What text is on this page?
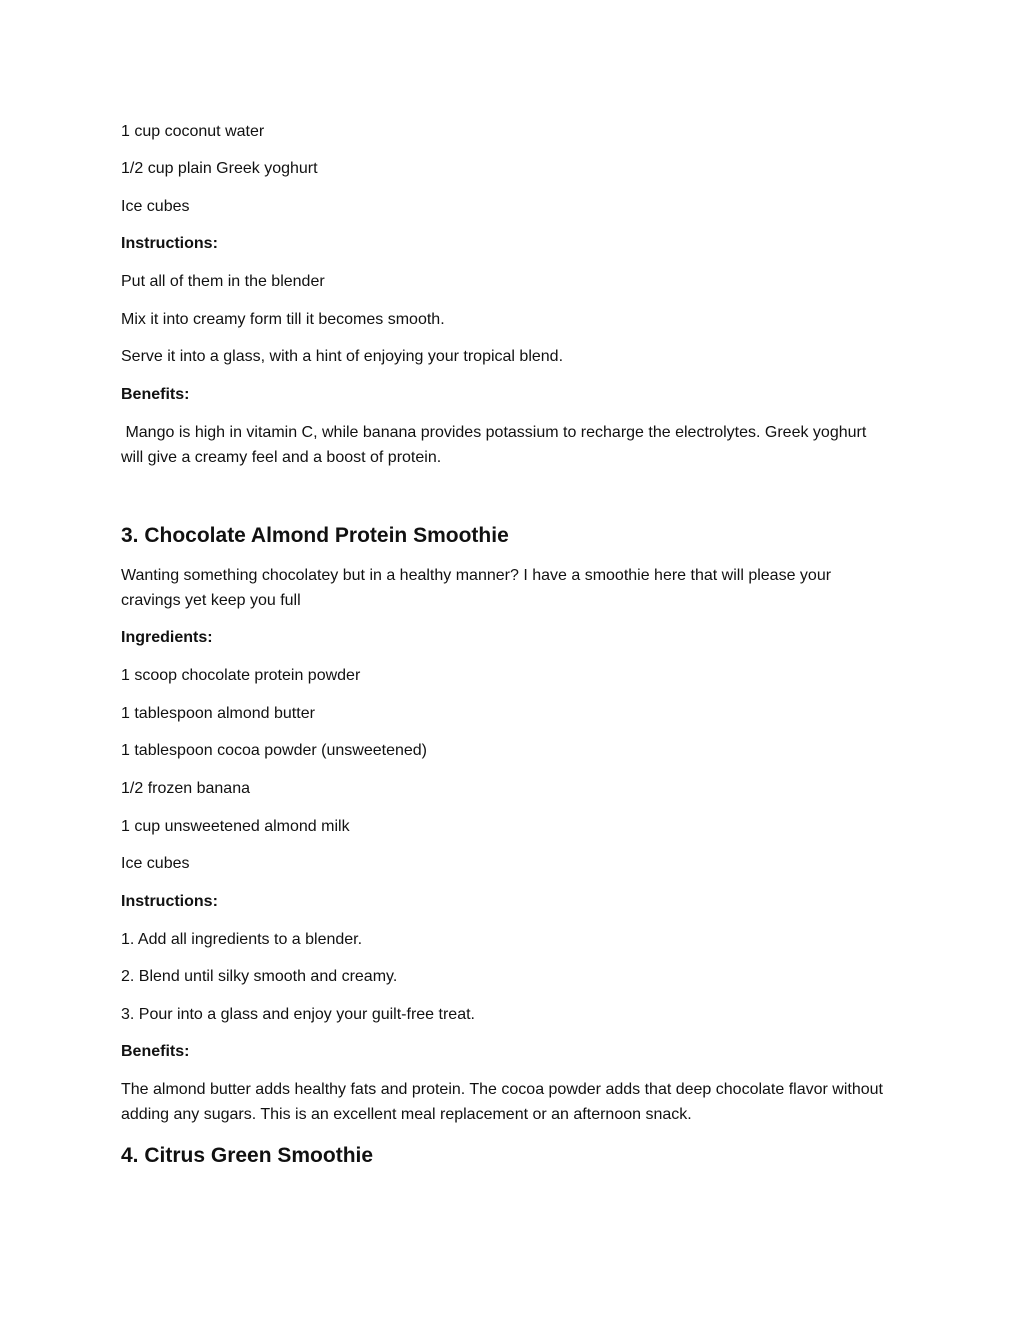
1 cup coconut water
1/2 cup plain Greek yoghurt
Ice cubes
Instructions:
Put all of them in the blender
Mix it into creamy form till it becomes smooth.
Serve it into a glass, with a hint of enjoying your tropical blend.
Benefits:
Mango is high in vitamin C, while banana provides potassium to recharge the electrolytes. Greek yoghurt will give a creamy feel and a boost of protein.
3. Chocolate Almond Protein Smoothie
Wanting something chocolatey but in a healthy manner? I have a smoothie here that will please your cravings yet keep you full
Ingredients:
1 scoop chocolate protein powder
1 tablespoon almond butter
1 tablespoon cocoa powder (unsweetened)
1/2 frozen banana
1 cup unsweetened almond milk
Ice cubes
Instructions:
1. Add all ingredients to a blender.
2. Blend until silky smooth and creamy.
3. Pour into a glass and enjoy your guilt-free treat.
Benefits:
The almond butter adds healthy fats and protein. The cocoa powder adds that deep chocolate flavor without adding any sugars. This is an excellent meal replacement or an afternoon snack.
4. Citrus Green Smoothie
